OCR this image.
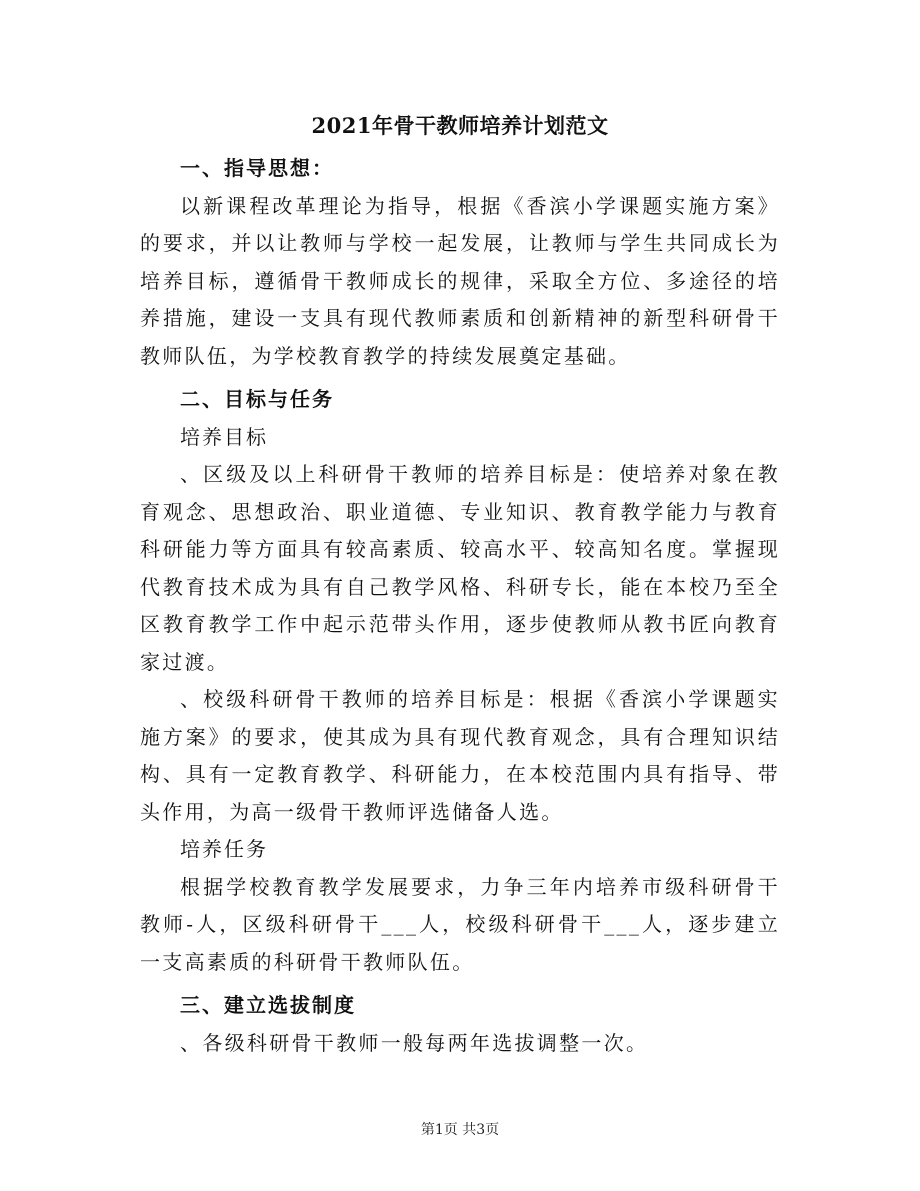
2021年骨干教师培养计划范文

一、指导思想：

以新课程改革理论为指导，根据《香滨小学课题实施方案》的要求，并以让教师与学校一起发展，让教师与学生共同成长为培养目标，遵循骨干教师成长的规律，采取全方位、多途径的培养措施，建设一支具有现代教师素质和创新精神的新型科研骨干教师队伍，为学校教育教学的持续发展奠定基础。

二、目标与任务

培养目标

、区级及以上科研骨干教师的培养目标是：使培养对象在教育观念、思想政治、职业道德、专业知识、教育教学能力与教育科研能力等方面具有较高素质、较高水平、较高知名度。掌握现代教育技术成为具有自己教学风格、科研专长，能在本校乃至全区教育教学工作中起示范带头作用，逐步使教师从教书匠向教育家过渡。

、校级科研骨干教师的培养目标是：根据《香滨小学课题实施方案》的要求，使其成为具有现代教育观念，具有合理知识结构、具有一定教育教学、科研能力，在本校范围内具有指导、带头作用，为高一级骨干教师评选储备人选。

培养任务

根据学校教育教学发展要求，力争三年内培养市级科研骨干教师-人，区级科研骨干___人，校级科研骨干___人，逐步建立一支高素质的科研骨干教师队伍。

三、建立选拔制度

、各级科研骨干教师一般每两年选拔调整一次。

第1页 共3页
